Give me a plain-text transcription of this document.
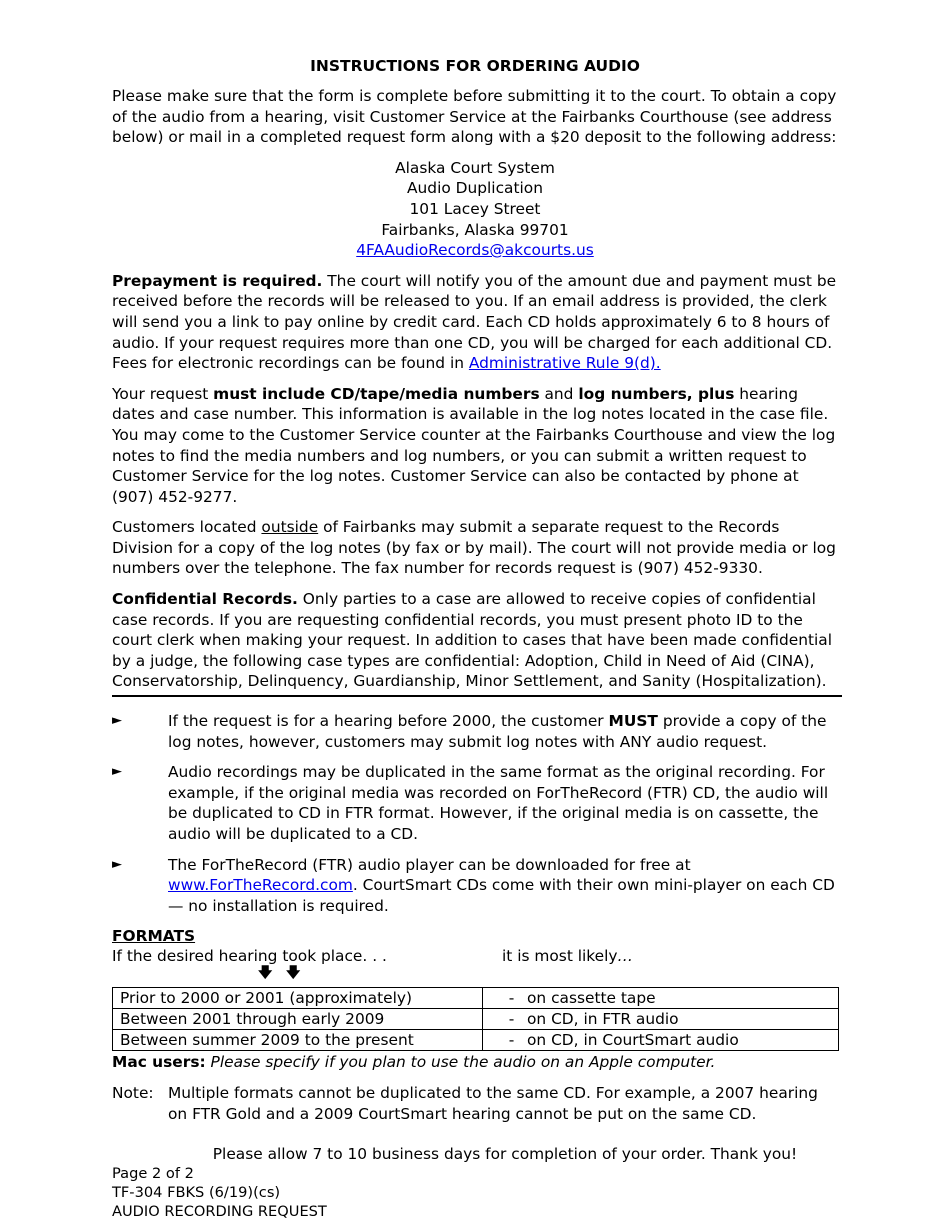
INSTRUCTIONS FOR ORDERING AUDIO

Please make sure that the form is complete before submitting it to the court. To obtain a copy of the audio from a hearing, visit Customer Service at the Fairbanks Courthouse (see address below) or mail in a completed request form along with a $20 deposit to the following address:

Alaska Court System
Audio Duplication
101 Lacey Street
Fairbanks, Alaska 99701
4FAAudioRecords@akcourts.us

Prepayment is required. The court will notify you of the amount due and payment must be received before the records will be released to you. If an email address is provided, the clerk will send you a link to pay online by credit card. Each CD holds approximately 6 to 8 hours of audio. If your request requires more than one CD, you will be charged for each additional CD. Fees for electronic recordings can be found in Administrative Rule 9(d).

Your request must include CD/tape/media numbers and log numbers, plus hearing dates and case number. This information is available in the log notes located in the case file. You may come to the Customer Service counter at the Fairbanks Courthouse and view the log notes to find the media numbers and log numbers, or you can submit a written request to Customer Service for the log notes. Customer Service can also be contacted by phone at (907) 452-9277.

Customers located outside of Fairbanks may submit a separate request to the Records Division for a copy of the log notes (by fax or by mail). The court will not provide media or log numbers over the telephone. The fax number for records request is (907) 452-9330.

Confidential Records. Only parties to a case are allowed to receive copies of confidential case records. If you are requesting confidential records, you must present photo ID to the court clerk when making your request. In addition to cases that have been made confidential by a judge, the following case types are confidential: Adoption, Child in Need of Aid (CINA), Conservatorship, Delinquency, Guardianship, Minor Settlement, and Sanity (Hospitalization).

►	If the request is for a hearing before 2000, the customer MUST provide a copy of the log notes, however, customers may submit log notes with ANY audio request.
►	Audio recordings may be duplicated in the same format as the original recording. For example, if the original media was recorded on ForTheRecord (FTR) CD, the audio will be duplicated to CD in FTR format. However, if the original media is on cassette, the audio will be duplicated to a CD.
►	The ForTheRecord (FTR) audio player can be downloaded for free at www.ForTheRecord.com. CourtSmart CDs come with their own mini-player on each CD — no installation is required.
FORMATS
If the desired hearing took place. . .	it is most likely…
🡇 🡇
Prior to 2000 or 2001 (approximately)	- on cassette tape
Between 2001 through early 2009	- on CD, in FTR audio
Between summer 2009 to the present	- on CD, in CourtSmart audio

Mac users: Please specify if you plan to use the audio on an Apple computer.

Note: Multiple formats cannot be duplicated to the same CD. For example, a 2007 hearing on FTR Gold and a 2009 CourtSmart hearing cannot be put on the same CD.
Please allow 7 to 10 business days for completion of your order. Thank you!
Page 2 of 2
TF-304 FBKS (6/19)(cs)
AUDIO RECORDING REQUEST
